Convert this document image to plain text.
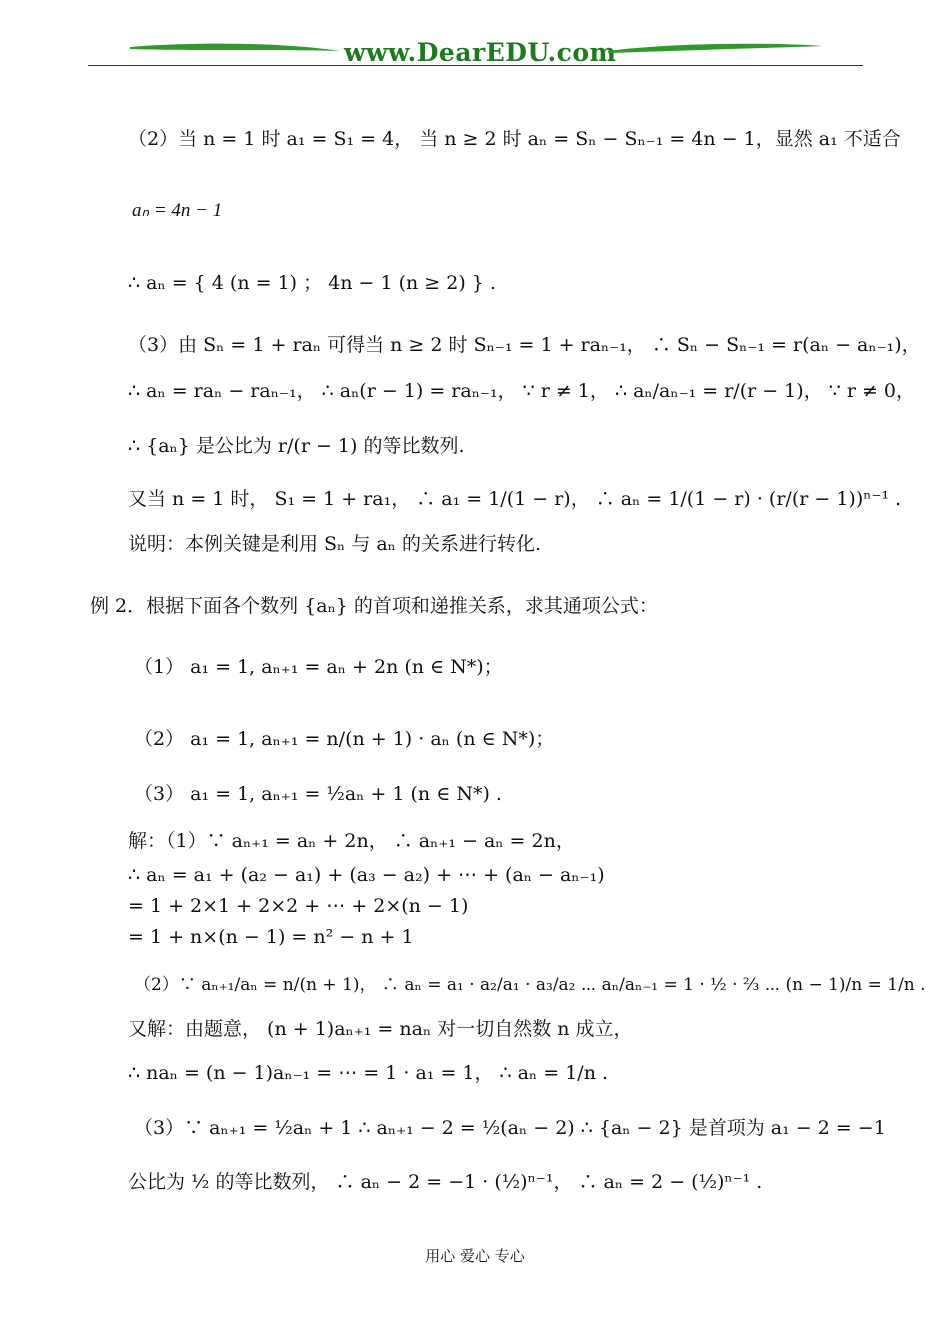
www.DearEDU.com
（2）当 n = 1 时 a₁ = S₁ = 4， 当 n ≥ 2 时 aₙ = Sₙ − Sₙ₋₁ = 4n − 1，显然 a₁ 不适合
aₙ = 4n − 1
∴ aₙ = { 4 (n = 1) ； 4n − 1 (n ≥ 2) } .
（3）由 Sₙ = 1 + raₙ 可得当 n ≥ 2 时 Sₙ₋₁ = 1 + raₙ₋₁， ∴ Sₙ − Sₙ₋₁ = r(aₙ − aₙ₋₁)，
∴ aₙ = raₙ − raₙ₋₁， ∴ aₙ(r − 1) = raₙ₋₁， ∵ r ≠ 1， ∴ aₙ/aₙ₋₁ = r/(r − 1)， ∵ r ≠ 0，
∴ {aₙ} 是公比为 r/(r − 1) 的等比数列.
又当 n = 1 时， S₁ = 1 + ra₁， ∴ a₁ = 1/(1 − r)， ∴ aₙ = 1/(1 − r) · (r/(r − 1))ⁿ⁻¹ .
说明：本例关键是利用 Sₙ 与 aₙ 的关系进行转化.
例 2．根据下面各个数列 {aₙ} 的首项和递推关系，求其通项公式：
（1） a₁ = 1, aₙ₊₁ = aₙ + 2n (n ∈ N*)；
（2） a₁ = 1, aₙ₊₁ = n/(n + 1) · aₙ (n ∈ N*)；
（3） a₁ = 1, aₙ₊₁ = ½aₙ + 1 (n ∈ N*) .
解：（1）∵ aₙ₊₁ = aₙ + 2n， ∴ aₙ₊₁ − aₙ = 2n，
∴ aₙ = a₁ + (a₂ − a₁) + (a₃ − a₂) + ⋯ + (aₙ − aₙ₋₁)
= 1 + 2×1 + 2×2 + ⋯ + 2×(n − 1)
= 1 + n×(n − 1) = n² − n + 1
（2）∵ aₙ₊₁/aₙ = n/(n + 1)， ∴ aₙ = a₁ · a₂/a₁ · a₃/a₂ ⋯ aₙ/aₙ₋₁ = 1 · ½ · ⅔ ⋯ (n − 1)/n = 1/n .
又解：由题意， (n + 1)aₙ₊₁ = naₙ 对一切自然数 n 成立，
∴ naₙ = (n − 1)aₙ₋₁ = ⋯ = 1 · a₁ = 1， ∴ aₙ = 1/n .
（3）∵ aₙ₊₁ = ½aₙ + 1 ∴ aₙ₊₁ − 2 = ½(aₙ − 2) ∴ {aₙ − 2} 是首项为 a₁ − 2 = −1
公比为 ½ 的等比数列， ∴ aₙ − 2 = −1 · (½)ⁿ⁻¹， ∴ aₙ = 2 − (½)ⁿ⁻¹ .
用心 爱心 专心
